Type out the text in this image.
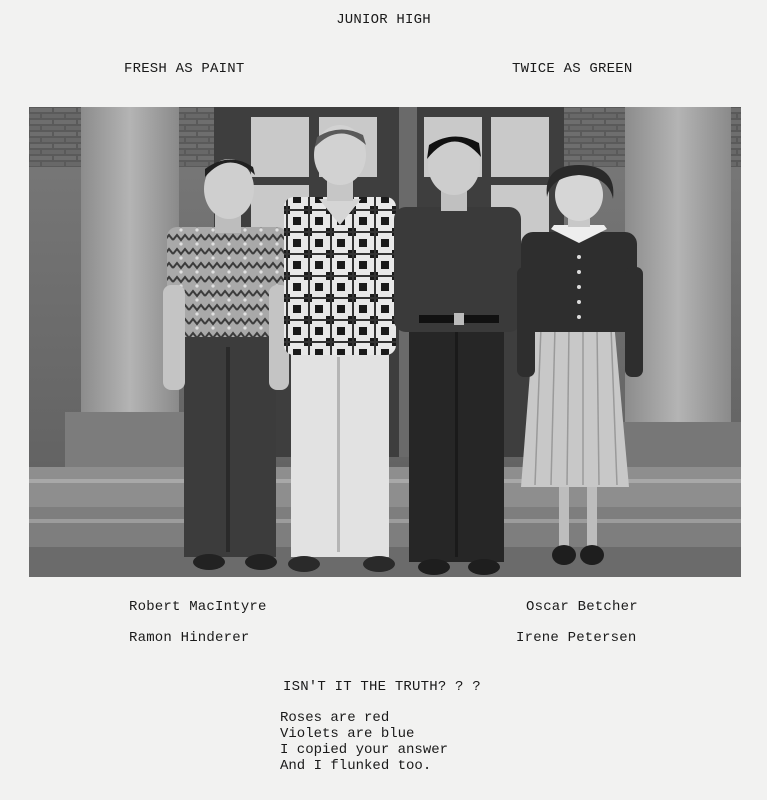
JUNIOR HIGH
FRESH AS PAINT	TWICE AS GREEN
Robert MacIntyre
Ramon Hinderer
Oscar Betcher
Irene Petersen
ISN'T IT THE TRUTH? ? ?
Roses are red
Violets are blue
I copied your answer
And I flunked too.
